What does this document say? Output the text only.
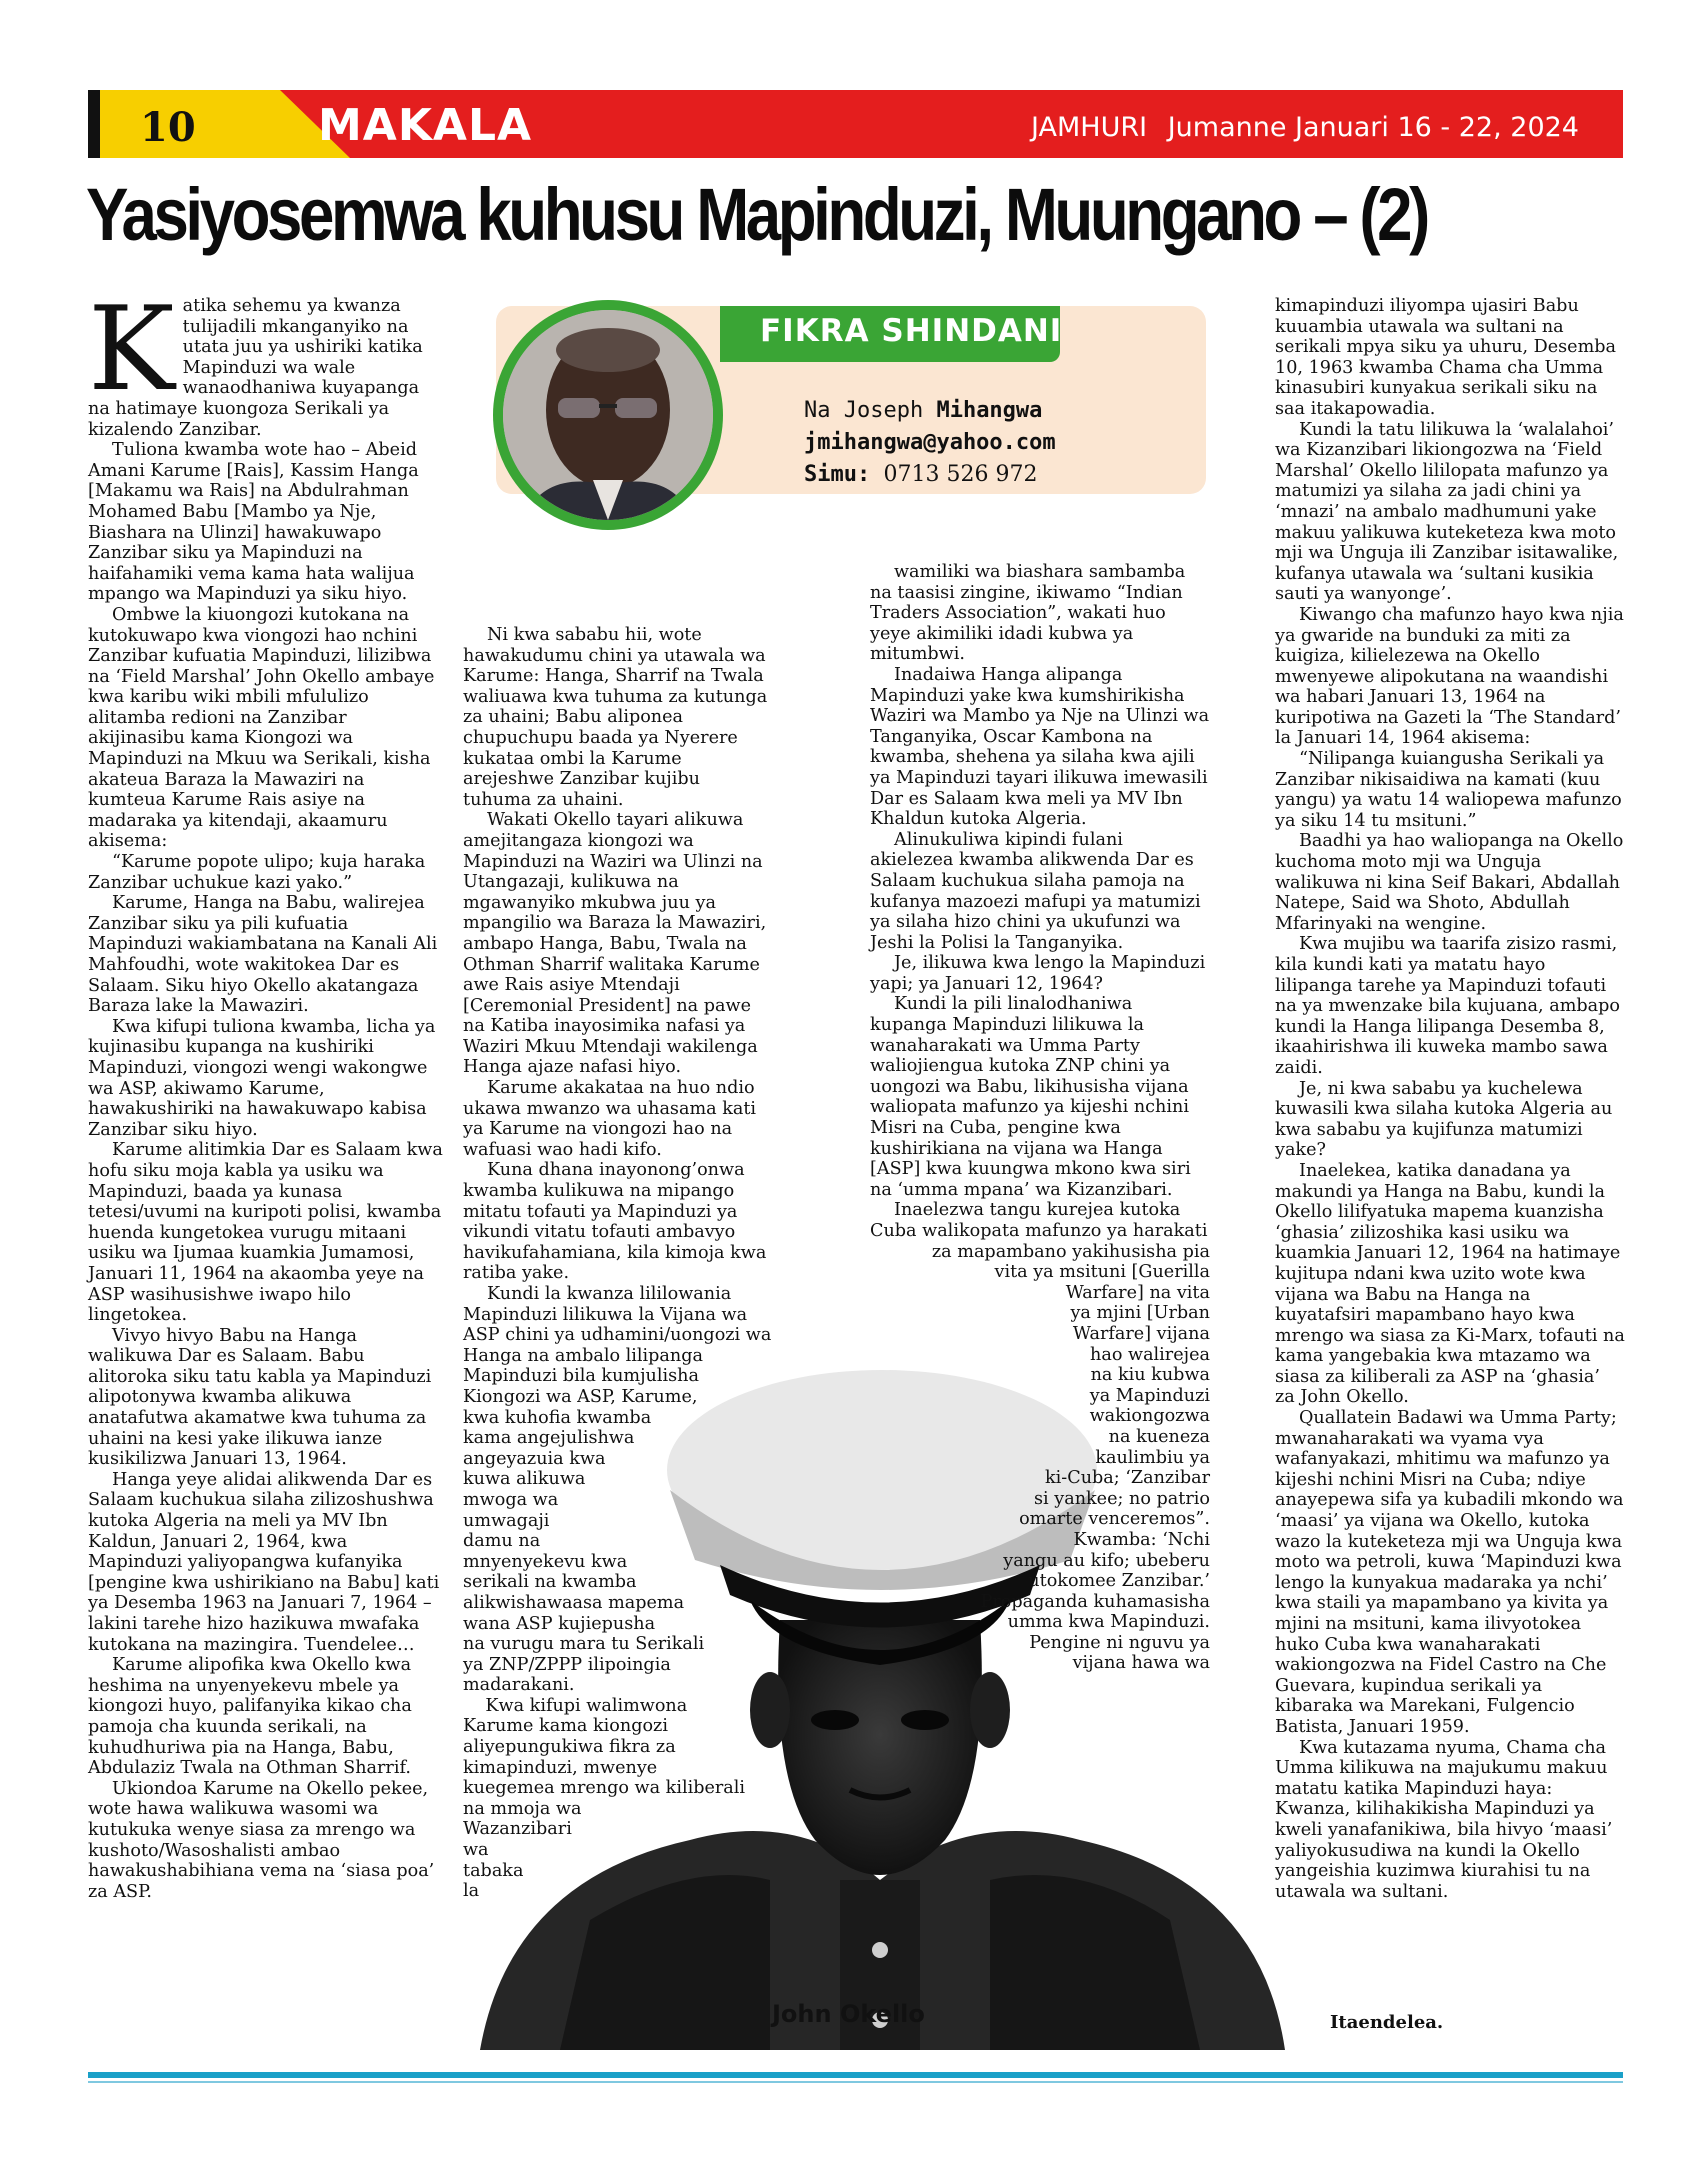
10	MAKALA	JAMHURI Jumanne Januari 16 - 22, 2024
Yasiyosemwa kuhusu Mapinduzi, Muungano – (2)
K atika sehemu ya kwanza tulijadili mkanganyiko na utata juu ya ushiriki katika Mapinduzi wa wale wanaodhaniwa kuyapanga na hatimaye kuongoza Serikali ya kizalendo Zanzibar.

Tuliona kwamba wote hao – Abeid Amani Karume [Rais], Kassim Hanga [Makamu wa Rais] na Abdulrahman Mohamed Babu [Mambo ya Nje, Biashara na Ulinzi] hawakuwapo Zanzibar siku ya Mapinduzi na haifahamiki vema kama hata walijua mpango wa Mapinduzi ya siku hiyo.

Ombwe la kiuongozi kutokana na kutokuwapo kwa viongozi hao nchini Zanzibar kufuatia Mapinduzi, lilizibwa na ‘Field Marshal’ John Okello ambaye kwa karibu wiki mbili mfululizo alitamba redioni na Zanzibar akijinasibu kama Kiongozi wa Mapinduzi na Mkuu wa Serikali, kisha akateua Baraza la Mawaziri na kumteua Karume Rais asiye na madaraka ya kitendaji, akaamuru akisema:

“Karume popote ulipo; kuja haraka Zanzibar uchukue kazi yako.”

Karume, Hanga na Babu, walirejea Zanzibar siku ya pili kufuatia Mapinduzi wakiambatana na Kanali Ali Mahfoudhi, wote wakitokea Dar es Salaam. Siku hiyo Okello akatangaza Baraza lake la Mawaziri.

Kwa kifupi tuliona kwamba, licha ya kujinasibu kupanga na kushiriki Mapinduzi, viongozi wengi wakongwe wa ASP, akiwamo Karume, hawakushiriki na hawakuwapo kabisa Zanzibar siku hiyo.

Karume alitimkia Dar es Salaam kwa hofu siku moja kabla ya usiku wa Mapinduzi, baada ya kunasa tetesi/uvumi na kuripoti polisi, kwamba huenda kungetokea vurugu mitaani usiku wa Ijumaa kuamkia Jumamosi, Januari 11, 1964 na akaomba yeye na ASP wasihusishwe iwapo hilo lingetokea.

Vivyo hivyo Babu na Hanga walikuwa Dar es Salaam. Babu alitoroka siku tatu kabla ya Mapinduzi alipotonywa kwamba alikuwa anatafutwa akamatwe kwa tuhuma za uhaini na kesi yake ilikuwa ianze kusikilizwa Januari 13, 1964.

Hanga yeye alidai alikwenda Dar es Salaam kuchukua silaha zilizoshushwa kutoka Algeria na meli ya MV Ibn Kaldun, Januari 2, 1964, kwa Mapinduzi yaliyopangwa kufanyika [pengine kwa ushirikiano na Babu] kati ya Desemba 1963 na Januari 7, 1964 – lakini tarehe hizo hazikuwa mwafaka kutokana na mazingira. Tuendelee…

Karume alipofika kwa Okello kwa heshima na unyenyekevu mbele ya kiongozi huyo, palifanyika kikao cha pamoja cha kuunda serikali, na kuhudhuriwa pia na Hanga, Babu, Abdulaziz Twala na Othman Sharrif.

Ukiondoa Karume na Okello pekee, wote hawa walikuwa wasomi wa kutukuka wenye siasa za mrengo wa kushoto/Wasoshalisti ambao hawakushabihiana vema na ‘siasa poa’ za ASP.

FIKRA SHINDANI
Na Joseph Mihangwa
jmihangwa@yahoo.com
Simu: 0713 526 972
John Okello

Ni kwa sababu hii, wote hawakudumu chini ya utawala wa Karume: Hanga, Sharrif na Twala waliuawa kwa tuhuma za kutunga za uhaini; Babu aliponea chupuchupu baada ya Nyerere kukataa ombi la Karume arejeshwe Zanzibar kujibu tuhuma za uhaini.

Wakati Okello tayari alikuwa amejitangaza kiongozi wa Mapinduzi na Waziri wa Ulinzi na Utangazaji, kulikuwa na mgawanyiko mkubwa juu ya mpangilio wa Baraza la Mawaziri, ambapo Hanga, Babu, Twala na Othman Sharrif walitaka Karume awe Rais asiye Mtendaji [Ceremonial President] na pawe na Katiba inayosimika nafasi ya Waziri Mkuu Mtendaji wakilenga Hanga ajaze nafasi hiyo.

Karume akakataa na huo ndio ukawa mwanzo wa uhasama kati ya Karume na viongozi hao na wafuasi wao hadi kifo.

Kuna dhana inayonong’onwa kwamba kulikuwa na mipango mitatu tofauti ya Mapinduzi ya vikundi vitatu tofauti ambavyo havikufahamiana, kila kimoja kwa ratiba yake.

Kundi la kwanza lililowania Mapinduzi lilikuwa la Vijana wa ASP chini ya udhamini/uongozi wa Hanga na ambalo lilipanga Mapinduzi bila kumjulisha Kiongozi wa ASP, Karume,

kwa kuhofia kwamba
kama angejulishwa
angeyazuia kwa
kuwa alikuwa
mwoga wa
umwagaji
damu na
mnyenyekevu kwa
serikali na kwamba
alikwishawaasa mapema
wana ASP kujiepusha
na vurugu mara tu Serikali
ya ZNP/ZPPP ilipoingia
madarakani.
Kwa kifupi walimwona
Karume kama kiongozi
aliyepungukiwa fikra za
kimapinduzi, mwenye
kuegemea mrengo wa kiliberali
na mmoja wa
Wazanzibari
wa
tabaka
la

wamiliki wa biashara sambamba na taasisi zingine, ikiwamo “Indian Traders Association”, wakati huo yeye akimiliki idadi kubwa ya mitumbwi.

Inadaiwa Hanga alipanga Mapinduzi yake kwa kumshirikisha Waziri wa Mambo ya Nje na Ulinzi wa Tanganyika, Oscar Kambona na kwamba, shehena ya silaha kwa ajili ya Mapinduzi tayari ilikuwa imewasili Dar es Salaam kwa meli ya MV Ibn Khaldun kutoka Algeria.

Alinukuliwa kipindi fulani akielezea kwamba alikwenda Dar es Salaam kuchukua silaha pamoja na kufanya mazoezi mafupi ya matumizi ya silaha hizo chini ya ukufunzi wa Jeshi la Polisi la Tanganyika.

Je, ilikuwa kwa lengo la Mapinduzi yapi; ya Januari 12, 1964?

Kundi la pili linalodhaniwa kupanga Mapinduzi lilikuwa la wanaharakati wa Umma Party waliojiengua kutoka ZNP chini ya uongozi wa Babu, likihusisha vijana waliopata mafunzo ya kijeshi nchini Misri na Cuba, pengine kwa kushirikiana na vijana wa Hanga [ASP] kwa kuungwa mkono kwa siri na ‘umma mpana’ wa Kizanzibari.

Inaelezwa tangu kurejea kutoka Cuba walikopata mafunzo ya harakati

za mapambano yakihusisha pia
vita ya msituni [Guerilla
Warfare] na vita
ya mjini [Urban
Warfare] vijana
hao walirejea
na kiu kubwa
ya Mapinduzi
wakiongozwa
na kueneza
kaulimbiu ya
ki-Cuba; ‘Zanzibar
si yankee; no patrio
omarte venceremos”.
Kwamba: ‘Nchi
yangu au kifo; ubeberu
utokomee Zanzibar.’
Propaganda kuhamasisha
umma kwa Mapinduzi.
Pengine ni nguvu ya
vijana hawa wa

kimapinduzi iliyompa ujasiri Babu kuuambia utawala wa sultani na serikali mpya siku ya uhuru, Desemba 10, 1963 kwamba Chama cha Umma kinasubiri kunyakua serikali siku na saa itakapowadia.

Kundi la tatu lilikuwa la ‘walalahoi’ wa Kizanzibari likiongozwa na ‘Field Marshal’ Okello lililopata mafunzo ya matumizi ya silaha za jadi chini ya ‘mnazi’ na ambalo madhumuni yake makuu yalikuwa kuteketeza kwa moto mji wa Unguja ili Zanzibar isitawalike, kufanya utawala wa ‘sultani kusikia sauti ya wanyonge’.

Kiwango cha mafunzo hayo kwa njia ya gwaride na bunduki za miti za kuigiza, kilielezewa na Okello mwenyewe alipokutana na waandishi wa habari Januari 13, 1964 na kuripotiwa na Gazeti la ‘The Standard’ la Januari 14, 1964 akisema:

“Nilipanga kuiangusha Serikali ya Zanzibar nikisaidiwa na kamati (kuu yangu) ya watu 14 waliopewa mafunzo ya siku 14 tu msituni.”

Baadhi ya hao waliopanga na Okello kuchoma moto mji wa Unguja walikuwa ni kina Seif Bakari, Abdallah Natepe, Said wa Shoto, Abdullah Mfarinyaki na wengine.

Kwa mujibu wa taarifa zisizo rasmi, kila kundi kati ya matatu hayo lilipanga tarehe ya Mapinduzi tofauti na ya mwenzake bila kujuana, ambapo kundi la Hanga lilipanga Desemba 8, ikaahirishwa ili kuweka mambo sawa zaidi.

Je, ni kwa sababu ya kuchelewa kuwasili kwa silaha kutoka Algeria au kwa sababu ya kujifunza matumizi yake?

Inaelekea, katika danadana ya makundi ya Hanga na Babu, kundi la Okello lilifyatuka mapema kuanzisha ‘ghasia’ zilizoshika kasi usiku wa kuamkia Januari 12, 1964 na hatimaye kujitupa ndani kwa uzito wote kwa vijana wa Babu na Hanga na kuyatafsiri mapambano hayo kwa mrengo wa siasa za Ki-Marx, tofauti na kama yangebakia kwa mtazamo wa siasa za kiliberali za ASP na ‘ghasia’ za John Okello.

Quallatein Badawi wa Umma Party; mwanaharakati wa vyama vya wafanyakazi, mhitimu wa mafunzo ya kijeshi nchini Misri na Cuba; ndiye anayepewa sifa ya kubadili mkondo wa ‘maasi’ ya vijana wa Okello, kutoka wazo la kuteketeza mji wa Unguja kwa moto wa petroli, kuwa ‘Mapinduzi kwa lengo la kunyakua madaraka ya nchi’ kwa staili ya mapambano ya kivita ya mjini na msituni, kama ilivyotokea huko Cuba kwa wanaharakati wakiongozwa na Fidel Castro na Che Guevara, kupindua serikali ya kibaraka wa Marekani, Fulgencio Batista, Januari 1959.

Kwa kutazama nyuma, Chama cha Umma kilikuwa na majukumu makuu matatu katika Mapinduzi haya: Kwanza, kilihakikisha Mapinduzi ya kweli yanafanikiwa, bila hivyo ‘maasi’ yaliyokusudiwa na kundi la Okello yangeishia kuzimwa kiurahisi tu na utawala wa sultani.

Itaendelea.
